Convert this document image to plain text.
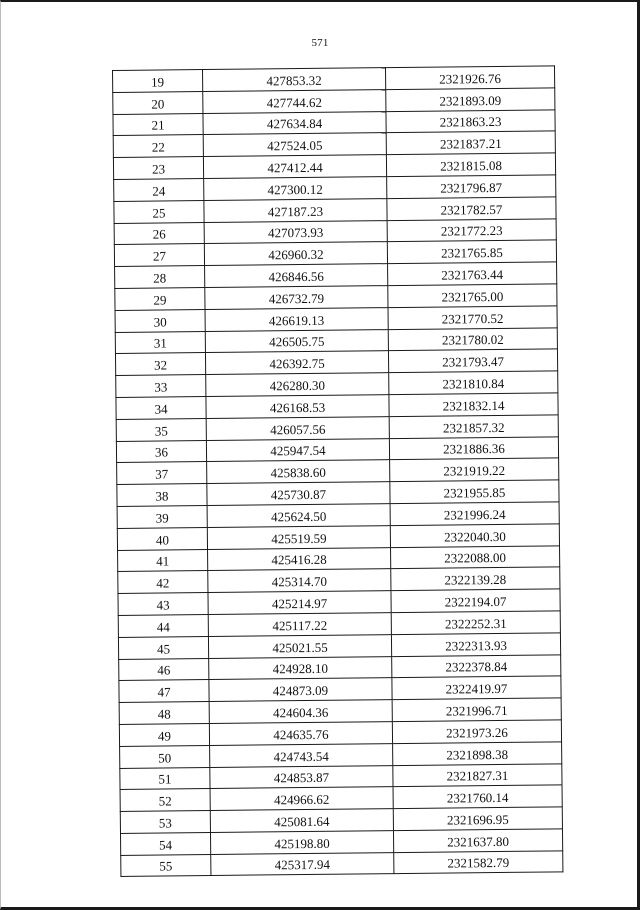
571
19	427853.32	2321926.76
20	427744.62	2321893.09
21	427634.84	2321863.23
22	427524.05	2321837.21
23	427412.44	2321815.08
24	427300.12	2321796.87
25	427187.23	2321782.57
26	427073.93	2321772.23
27	426960.32	2321765.85
28	426846.56	2321763.44
29	426732.79	2321765.00
30	426619.13	2321770.52
31	426505.75	2321780.02
32	426392.75	2321793.47
33	426280.30	2321810.84
34	426168.53	2321832.14
35	426057.56	2321857.32
36	425947.54	2321886.36
37	425838.60	2321919.22
38	425730.87	2321955.85
39	425624.50	2321996.24
40	425519.59	2322040.30
41	425416.28	2322088.00
42	425314.70	2322139.28
43	425214.97	2322194.07
44	425117.22	2322252.31
45	425021.55	2322313.93
46	424928.10	2322378.84
47	424873.09	2322419.97
48	424604.36	2321996.71
49	424635.76	2321973.26
50	424743.54	2321898.38
51	424853.87	2321827.31
52	424966.62	2321760.14
53	425081.64	2321696.95
54	425198.80	2321637.80
55	425317.94	2321582.79
